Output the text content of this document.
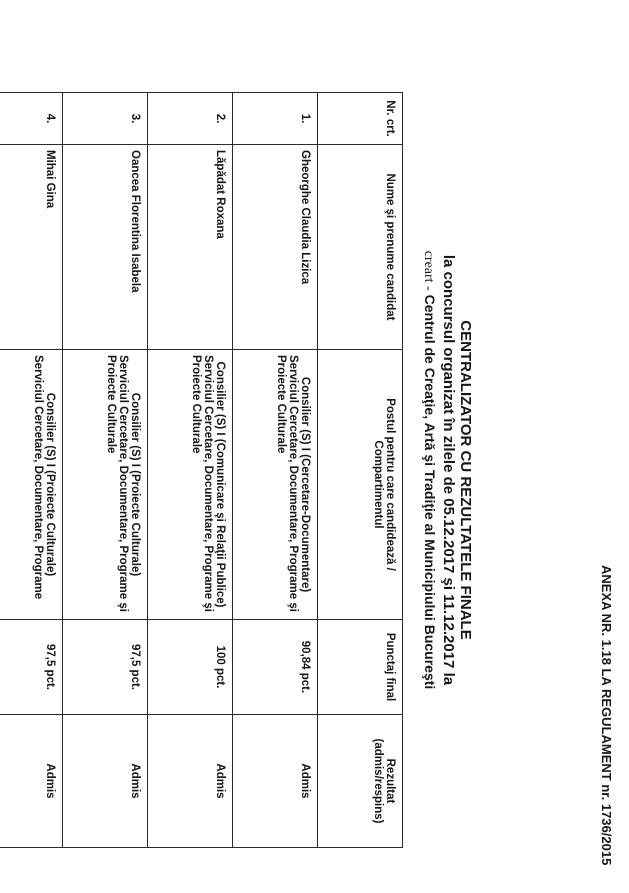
ANEXA NR. 1.18 LA REGULAMENT nr. 1736/2015
CENTRALIZATOR CU REZULTATELE FINALE
la concursul organizat în zilele de 05.12.2017 şi 11.12.2017 la
creart - Centrul de Creaţie, Artă şi Tradiţie al Municipiului Bucureşti
Nr. crt.	Nume şi prenume candidat	Postul pentru care candidează / Compartimentul	Punctaj final	Rezultat (admis/respins)
1.	Gheorghe Claudia Lizica	Consilier (S) I (Cercetare-Documentare)
Serviciul Cercetare, Documentare, Programe şi Proiecte Culturale	90,84 pct.	Admis
2.	Lăpădat Roxana	Consilier (S) I (Comunicare şi Relaţii Publice)
Serviciul Cercetare, Documentare, Programe şi Proiecte Culturale	100 pct.	Admis
3.	Oancea Florentina Isabela	Consilier (S) I (Proiecte Culturale)
Serviciul Cercetare, Documentare, Programe şi Proiecte Culturale	97,5 pct.	Admis
4.	Mihai Gina	Consilier (S) I (Proiecte Culturale)
Serviciul Cercetare, Documentare, Programe	97,5 pct.	Admis
